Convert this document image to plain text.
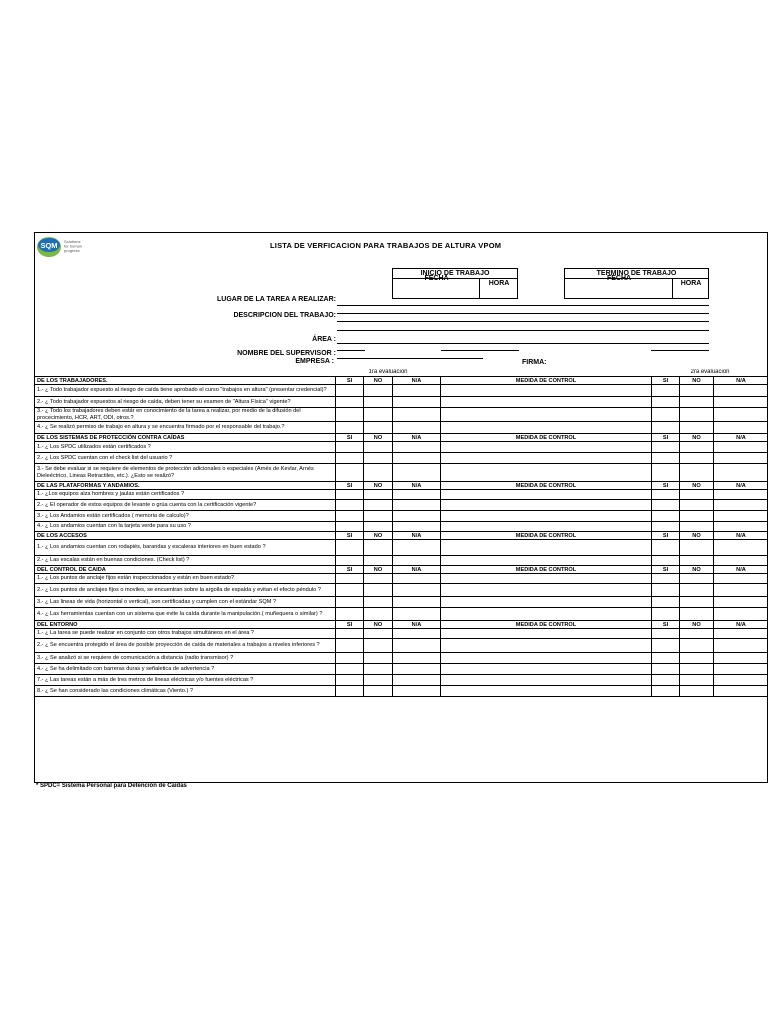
SQM Solutions
for human
progress
LISTA DE VERFICACION PARA TRABAJOS DE ALTURA VPOM
INICIO DE TRABAJO
FECHA
HORA
TERMINO DE TRABAJO
FECHA
HORA
LUGAR DE LA TAREA A REALIZAR:
DESCRIPCION DEL TRABAJO:
ÁREA :
NOMBRE DEL SUPERVISOR :
EMPRESA :	FIRMA:
	1ra evaluacion				2ra evaluacion		
DE LOS TRABAJADORES.	SI	NO	N/A	MEDIDA DE CONTROL	SI	NO	N/A
1.- ¿ Todo trabajador expuesto al riesgo de caída tiene aprobado el curso "trabajos en altura" (presentar credencial)?							
2.- ¿ Todo trabajador expuestos al riesgo de caída, deben tener su examen de "Altura Física" vigente?							
3.- ¿ Todo los trabajadores deben estár en conocimiento de la tarea a realizar, por medio de la difusión del procecimiento, HCR, ART, ODI, otros.?							
4.- ¿ Se realizó permiso de trabajo en altura y se encuentra firmado por el responsable del trabajo.?							
DE LOS SISTEMAS DE PROTECCIÓN CONTRA CAÍDAS	SI	NO	N/A	MEDIDA DE CONTROL	SI	NO	N/A
1.- ¿ Los SPDC utilizados están certificados ?							
2.- ¿ Los SPDC cuentan con el check list del usuario ?							
3.- Se debe evaluar si se requiere de elementos de protección adicionales o especiales (Arnés de Kevlar, Arnés Dieleéctrico, Lineas Retractiles, etc.). ¿Esto se realizó?							
DE LAS PLATAFORMAS Y ANDAMIOS.	SI	NO	N/A	MEDIDA DE CONTROL	SI	NO	N/A
1.- ¿Los equipos alza hombres y jaulas están certificados ?							
2.- ¿ El operador de estos equipos de levante o grúa cuenta con la certificación vigente?							
3.- ¿ Los Andamios están certificados ( memoria de calculo)?							
4.- ¿ Los andamios cuentan con la tarjeta verde para su uso ?							
DE LOS ACCESOS	SI	NO	N/A	MEDIDA DE CONTROL	SI	NO	N/A
1.- ¿ Los andamios cuentan con rodapiés, barandas y escaleras interiores en buen estado ?							
2.- ¿ Las escalas están en buenas condiciones. (Check list) ?							
DEL CONTROL DE CAIDA	SI	NO	N/A	MEDIDA DE CONTROL	SI	NO	N/A
1.- ¿ Los puntos de anclaje fijos están inspeccionados y están en buen estado?							
2.- ¿ Los puntos de anclajes fijos o moviles, se encuentran sobre la argolla de espalda y evitan el efecto péndulo ?							
3.- ¿ Las lineas de vida (horizontal o vertical), son certificadas y cumplen con el estándar SQM ?							
4.- ¿ Las herramientas cuentan con un sistema que evite la caída durante la manipulación.( muñequera o similar) ?							
DEL ENTORNO	SI	NO	N/A	MEDIDA DE CONTROL	SI	NO	N/A
1.- ¿ La tarea se puede realizar en conjunto con otros trabajos simultáneos en el área ?							
2.- ¿ Se encuentra protegido el área de posible proyección de caída de materiales a trabajos a niveles inferiores ?							
3.- ¿ Se analizó si se requiere de comunicación a distancia (radio transmisor) ?							
4.- ¿ Se ha delimitado con barreras duras y señaletica de advertencia ?							
7.- ¿ Las tareas están a más de tres metros de lineas eléctricas y/o fuentes eléctricas ?							
8.- ¿ Se han considerado las condiciones climáticas (Viento.) ?							

* SPDC= Sistema Personal para Detención de Caídas
